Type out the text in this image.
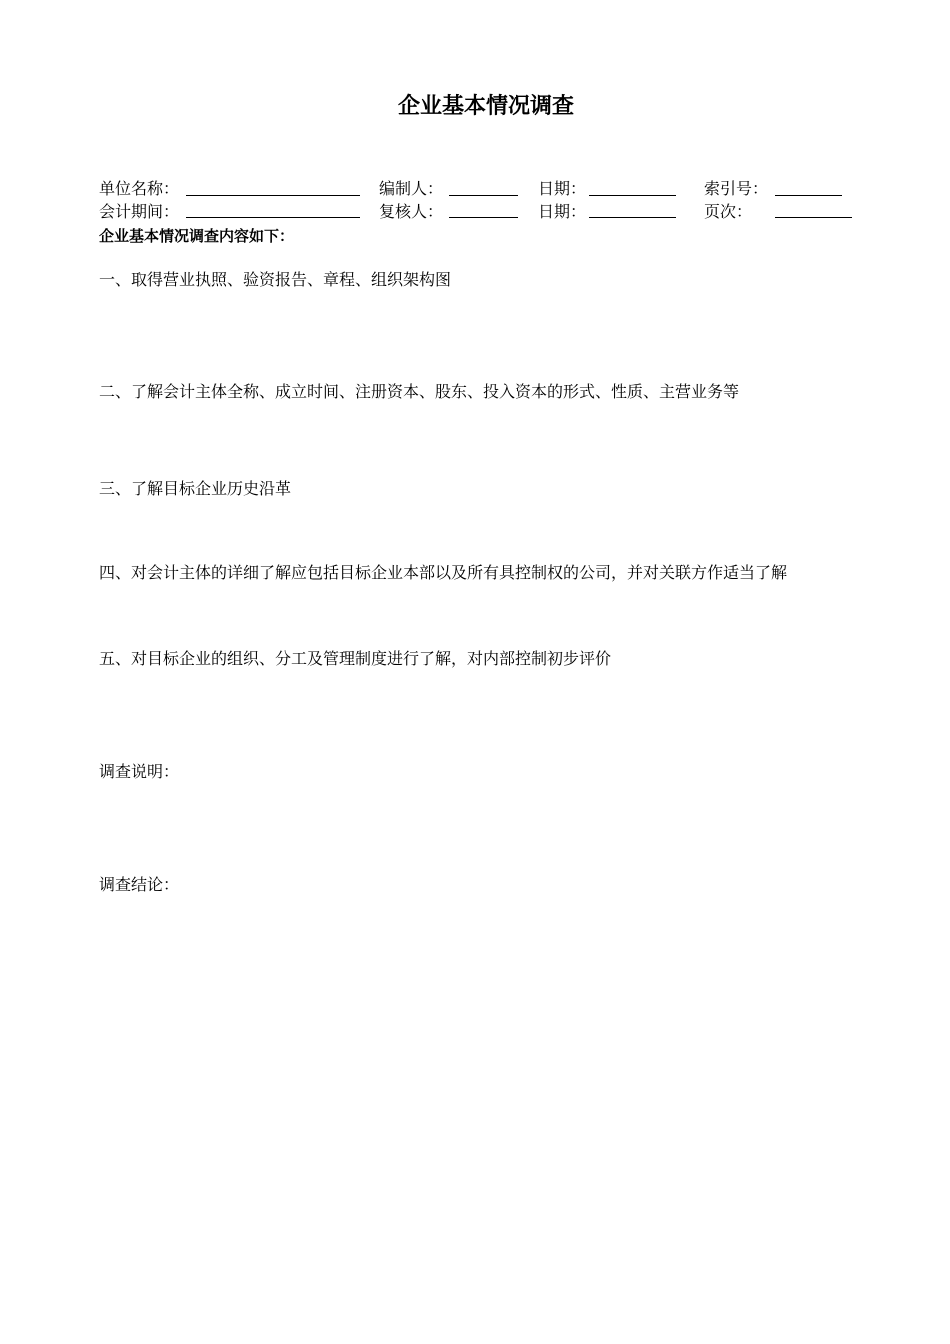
企业基本情况调查
单位名称：	编制人：	日期：	索引号：
会计期间：	复核人：	日期：	页次：
企业基本情况调查内容如下：
一、取得营业执照、验资报告、章程、组织架构图
二、了解会计主体全称、成立时间、注册资本、股东、投入资本的形式、性质、主营业务等
三、了解目标企业历史沿革
四、对会计主体的详细了解应包括目标企业本部以及所有具控制权的公司，并对关联方作适当了解
五、对目标企业的组织、分工及管理制度进行了解，对内部控制初步评价
调查说明：
调查结论：
